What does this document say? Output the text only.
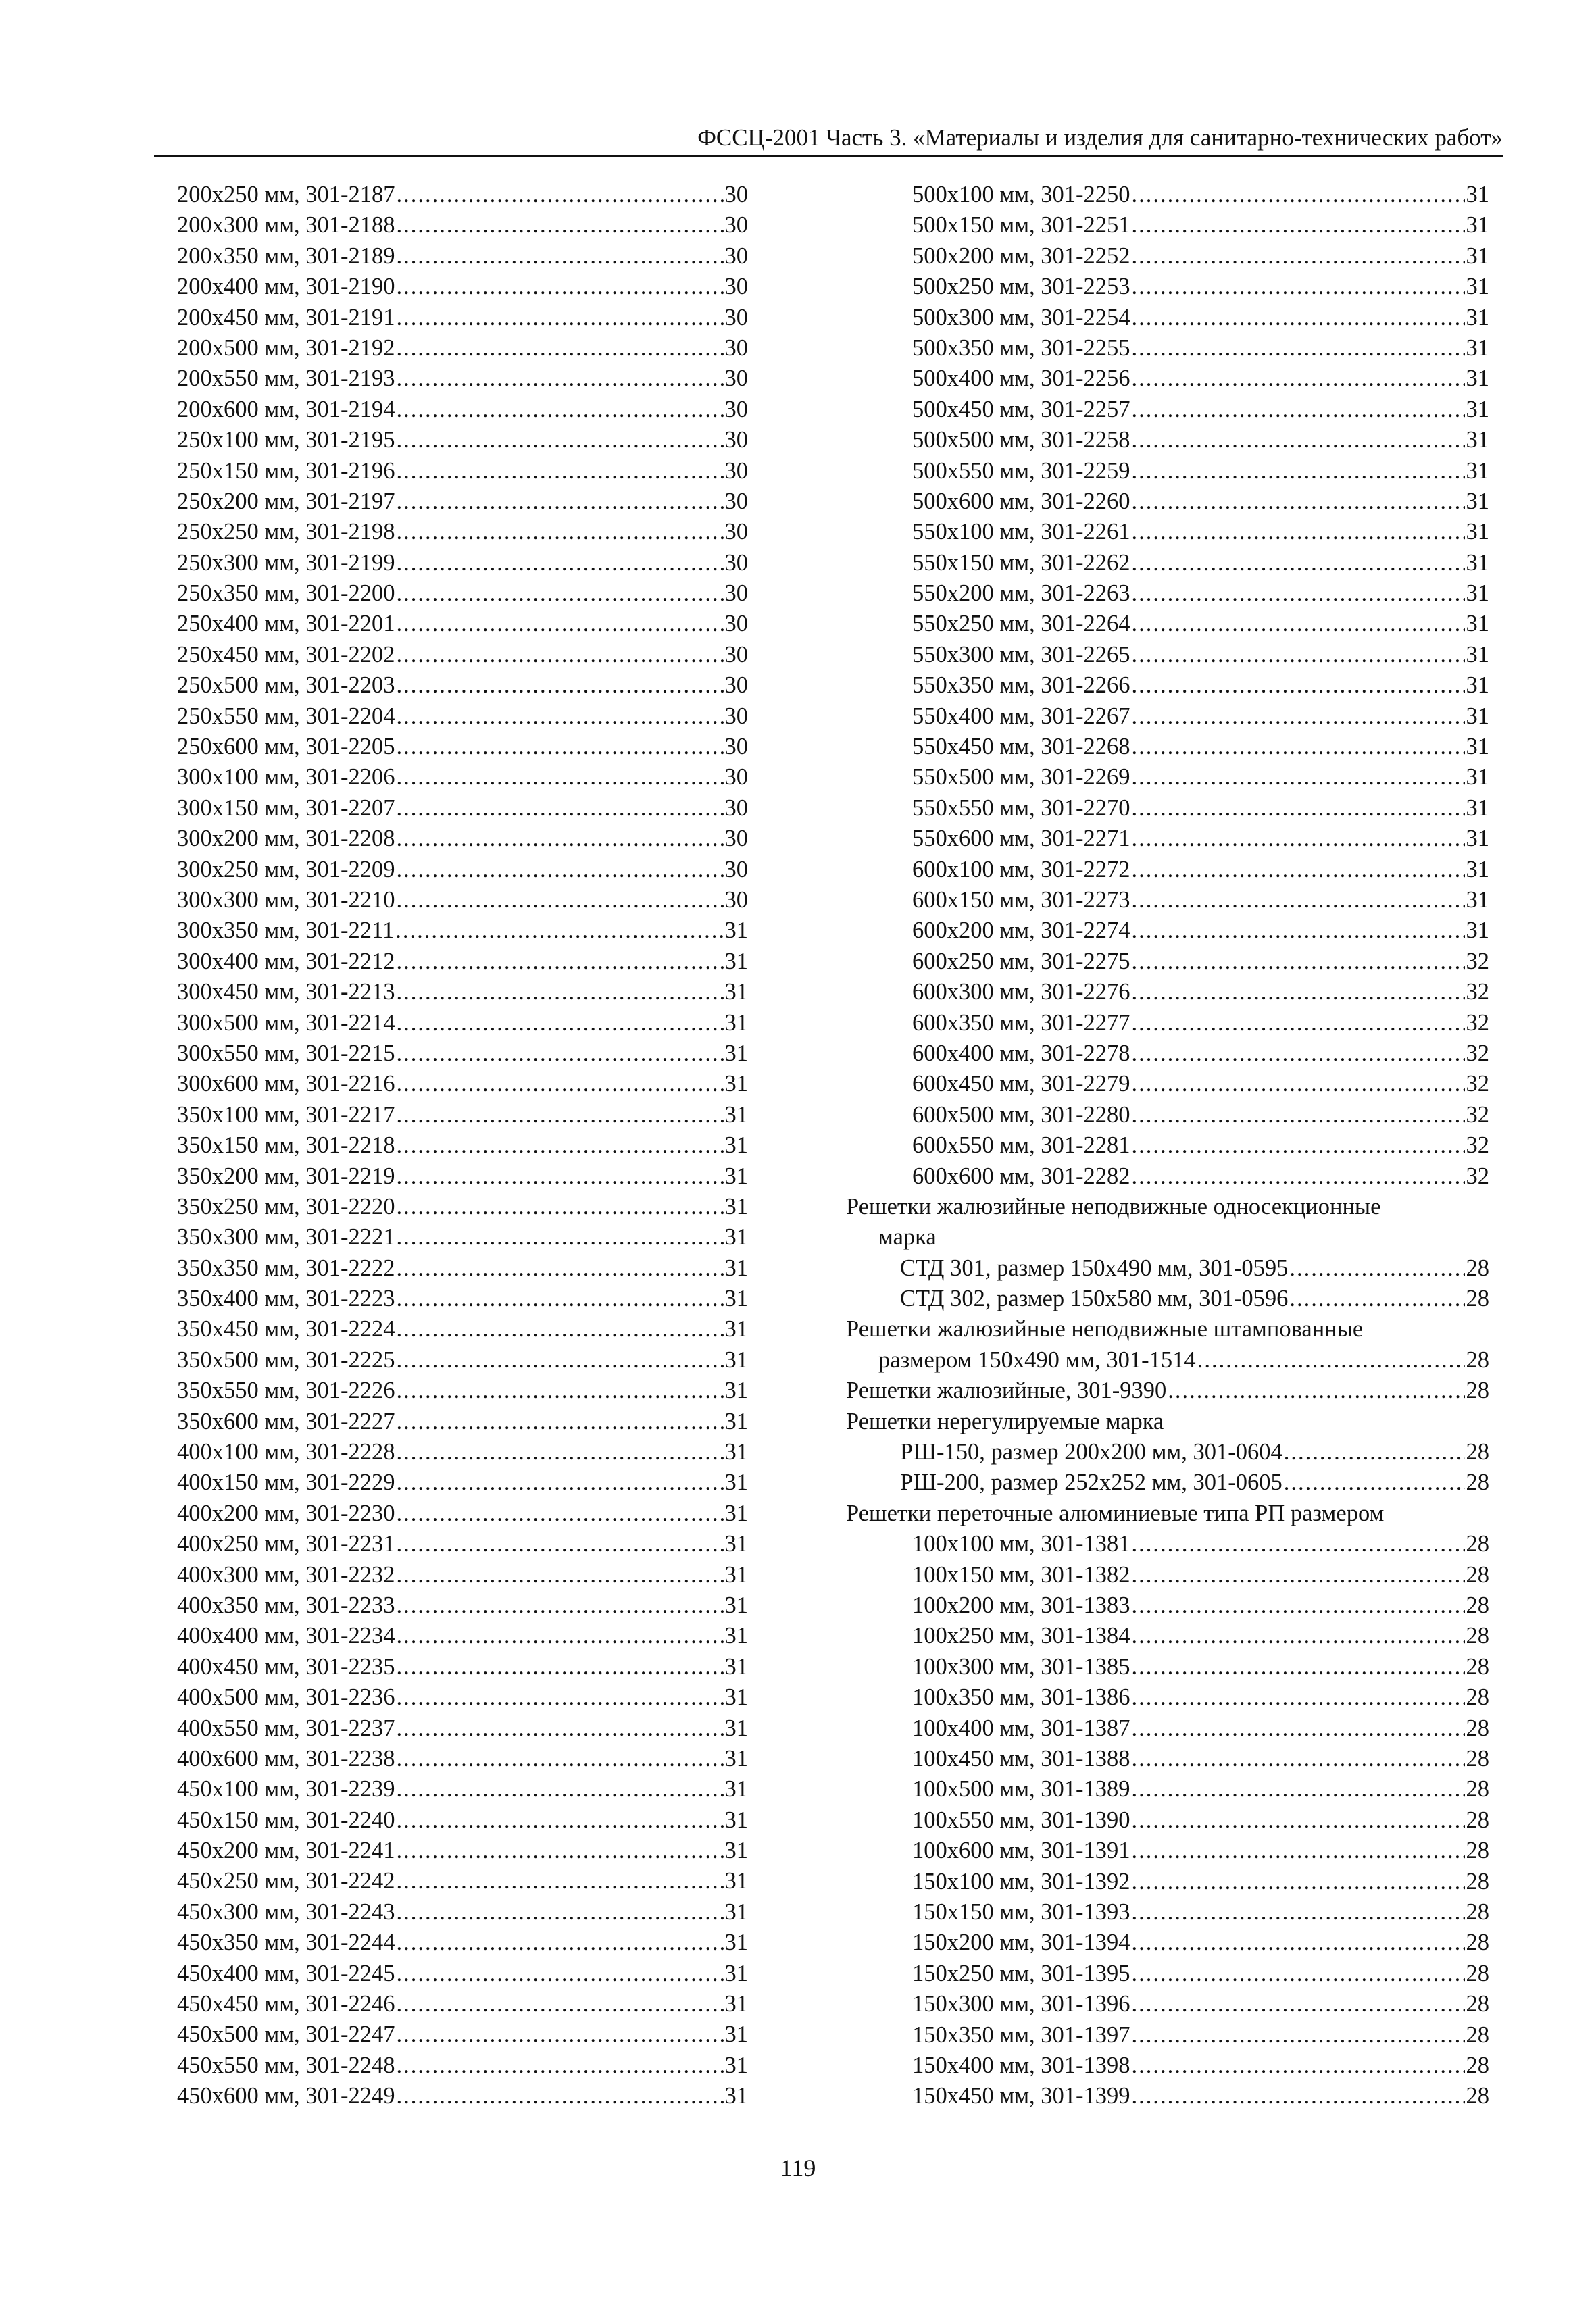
ФССЦ-2001 Часть 3. «Материалы и изделия для санитарно-технических работ»
200x250 мм, 301-2187 .....	30
200x300 мм, 301-2188 .....	30
200x350 мм, 301-2189 .....	30
200x400 мм, 301-2190 .....	30
200x450 мм, 301-2191 .....	30
200x500 мм, 301-2192 .....	30
200x550 мм, 301-2193 .....	30
200x600 мм, 301-2194 .....	30
250x100 мм, 301-2195 .....	30
250x150 мм, 301-2196 .....	30
250x200 мм, 301-2197 .....	30
250x250 мм, 301-2198 .....	30
250x300 мм, 301-2199 .....	30
250x350 мм, 301-2200 .....	30
250x400 мм, 301-2201 .....	30
250x450 мм, 301-2202 .....	30
250x500 мм, 301-2203 .....	30
250x550 мм, 301-2204 .....	30
250x600 мм, 301-2205 .....	30
300x100 мм, 301-2206 .....	30
300x150 мм, 301-2207 .....	30
300x200 мм, 301-2208 .....	30
300x250 мм, 301-2209 .....	30
300x300 мм, 301-2210 .....	30
300x350 мм, 301-2211 .....	31
300x400 мм, 301-2212 .....	31
300x450 мм, 301-2213 .....	31
300x500 мм, 301-2214 .....	31
300x550 мм, 301-2215 .....	31
300x600 мм, 301-2216 .....	31
350x100 мм, 301-2217 .....	31
350x150 мм, 301-2218 .....	31
350x200 мм, 301-2219 .....	31
350x250 мм, 301-2220 .....	31
350x300 мм, 301-2221 .....	31
350x350 мм, 301-2222 .....	31
350x400 мм, 301-2223 .....	31
350x450 мм, 301-2224 .....	31
350x500 мм, 301-2225 .....	31
350x550 мм, 301-2226 .....	31
350x600 мм, 301-2227 .....	31
400x100 мм, 301-2228 .....	31
400x150 мм, 301-2229 .....	31
400x200 мм, 301-2230 .....	31
400x250 мм, 301-2231 .....	31
400x300 мм, 301-2232 .....	31
400x350 мм, 301-2233 .....	31
400x400 мм, 301-2234 .....	31
400x450 мм, 301-2235 .....	31
400x500 мм, 301-2236 .....	31
400x550 мм, 301-2237 .....	31
400x600 мм, 301-2238 .....	31
450x100 мм, 301-2239 .....	31
450x150 мм, 301-2240 .....	31
450x200 мм, 301-2241 .....	31
450x250 мм, 301-2242 .....	31
450x300 мм, 301-2243 .....	31
450x350 мм, 301-2244 .....	31
450x400 мм, 301-2245 .....	31
450x450 мм, 301-2246 .....	31
450x500 мм, 301-2247 .....	31
450x550 мм, 301-2248 .....	31
450x600 мм, 301-2249 .....	31
500x100 мм, 301-2250 .....	31
500x150 мм, 301-2251 .....	31
500x200 мм, 301-2252 .....	31
500x250 мм, 301-2253 .....	31
500x300 мм, 301-2254 .....	31
500x350 мм, 301-2255 .....	31
500x400 мм, 301-2256 .....	31
500x450 мм, 301-2257 .....	31
500x500 мм, 301-2258 .....	31
500x550 мм, 301-2259 .....	31
500x600 мм, 301-2260 .....	31
550x100 мм, 301-2261 .....	31
550x150 мм, 301-2262 .....	31
550x200 мм, 301-2263 .....	31
550x250 мм, 301-2264 .....	31
550x300 мм, 301-2265 .....	31
550x350 мм, 301-2266 .....	31
550x400 мм, 301-2267 .....	31
550x450 мм, 301-2268 .....	31
550x500 мм, 301-2269 .....	31
550x550 мм, 301-2270 .....	31
550x600 мм, 301-2271 .....	31
600x100 мм, 301-2272 .....	31
600x150 мм, 301-2273 .....	31
600x200 мм, 301-2274 .....	31
600x250 мм, 301-2275 .....	32
600x300 мм, 301-2276 .....	32
600x350 мм, 301-2277 .....	32
600x400 мм, 301-2278 .....	32
600x450 мм, 301-2279 .....	32
600x500 мм, 301-2280 .....	32
600x550 мм, 301-2281 .....	32
600x600 мм, 301-2282 .....	32
Решетки жалюзийные неподвижные односекционные
марка
СТД 301, размер 150x490 мм, 301-0595 .....	28
СТД 302, размер 150x580 мм, 301-0596 .....	28
Решетки жалюзийные неподвижные штампованные
размером 150x490 мм, 301-1514 .....	28
Решетки жалюзийные, 301-9390 .....	28
Решетки нерегулируемые марка
РШ-150, размер 200x200 мм, 301-0604 .....	28
РШ-200, размер 252x252 мм, 301-0605 .....	28
Решетки переточные алюминиевые типа РП размером
100x100 мм, 301-1381 .....	28
100x150 мм, 301-1382 .....	28
100x200 мм, 301-1383 .....	28
100x250 мм, 301-1384 .....	28
100x300 мм, 301-1385 .....	28
100x350 мм, 301-1386 .....	28
100x400 мм, 301-1387 .....	28
100x450 мм, 301-1388 .....	28
100x500 мм, 301-1389 .....	28
100x550 мм, 301-1390 .....	28
100x600 мм, 301-1391 .....	28
150x100 мм, 301-1392 .....	28
150x150 мм, 301-1393 .....	28
150x200 мм, 301-1394 .....	28
150x250 мм, 301-1395 .....	28
150x300 мм, 301-1396 .....	28
150x350 мм, 301-1397 .....	28
150x400 мм, 301-1398 .....	28
150x450 мм, 301-1399 .....	28
119
